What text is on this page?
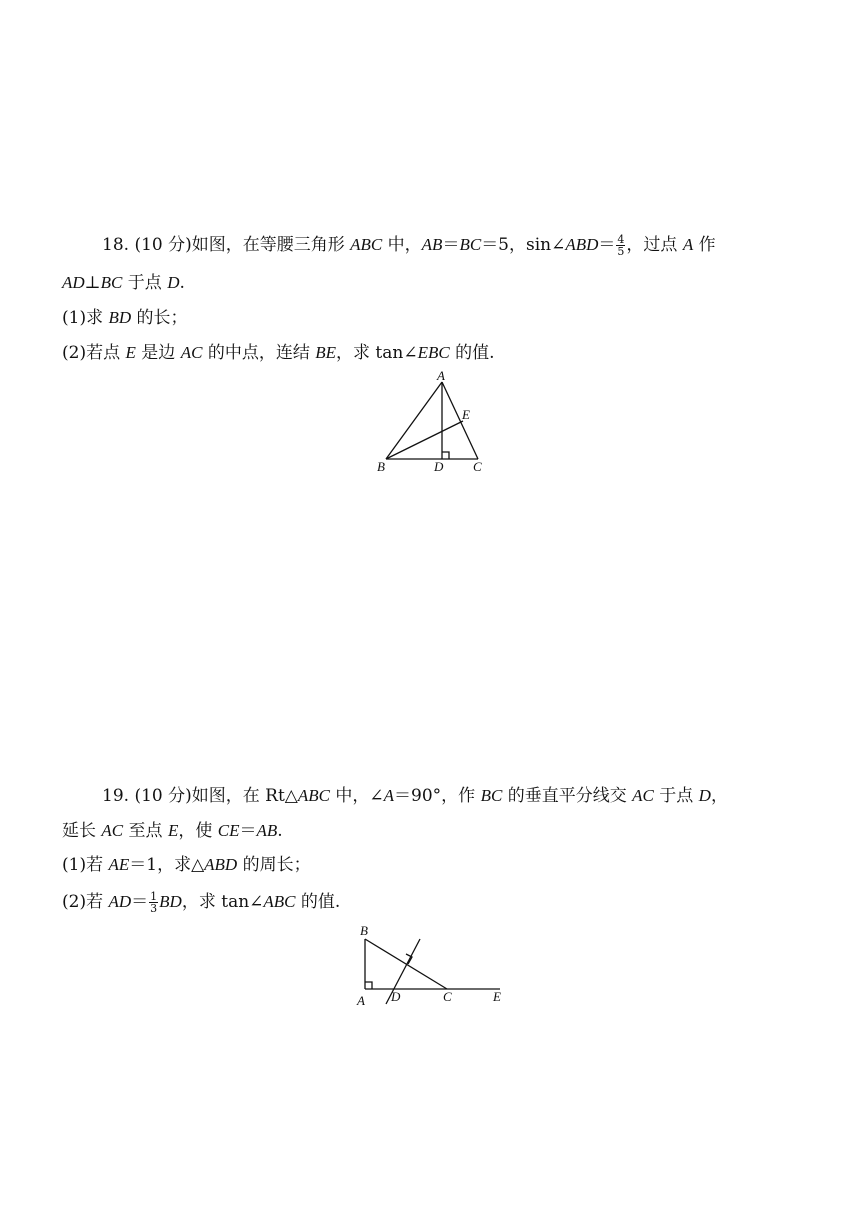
18. (10 分)如图，在等腰三角形 ABC 中，AB＝BC＝5，sin∠ABD＝ $\frac{4}{5}$ ，过点 A 作
AD⊥BC 于点 D.
(1)求 BD 的长；
(2)若点 E 是边 AC 的中点，连结 BE，求 tan∠EBC 的值.
A
E
B	D C
19. (10 分)如图，在 Rt△ABC 中，∠A＝90°，作 BC 的垂直平分线交 AC 于点 D，
延长 AC 至点 E，使 CE＝AB.
(1)若 AE＝1，求△ABD 的周长；
(2)若 $AD= \frac{1}{3}$ BD，求 tan∠ABC 的值.
B
A D	C	E
